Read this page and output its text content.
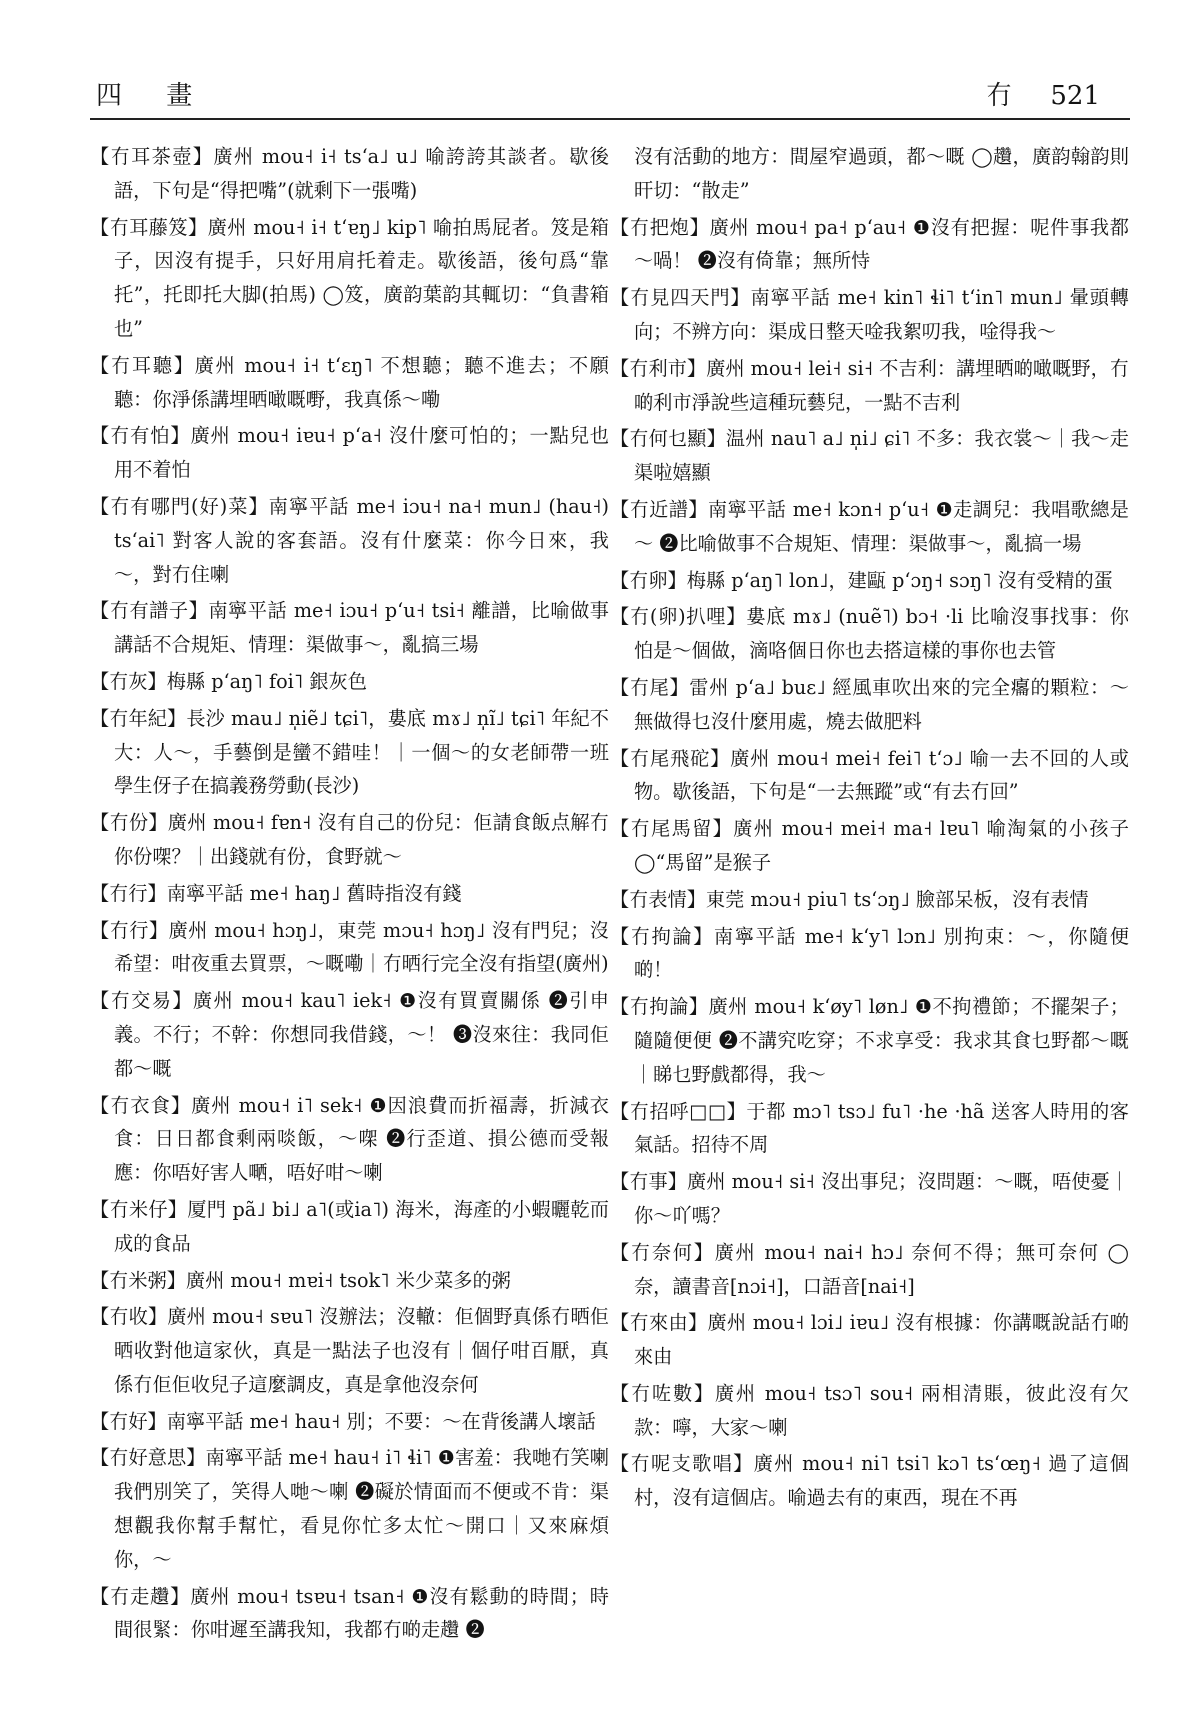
四 畫	冇 521

【冇耳茶壺】廣州 mou˧ i˧ tsʻa˩ u˩ 喻誇誇其談者。歇後語，下句是“得把嘴”(就剩下一張嘴)

【冇耳藤笈】廣州 mou˧ i˧ tʻɐŋ˩ kip˥ 喻拍馬屁者。笈是箱子，因沒有提手，只好用肩托着走。歇後語，後句爲“靠托”，托即托大脚(拍馬) ◯笈，廣韵葉韵其輒切：“負書箱也”

【冇耳聽】廣州 mou˧ i˧ tʻɛŋ˥ 不想聽；聽不進去；不願聽：你淨係講埋晒噉嘅嘢，我真係～嘞

【冇有怕】廣州 mou˧ iɐu˧ pʻa˧ 沒什麼可怕的；一點兒也用不着怕

【冇有哪門(好)菜】南寧平話 me˧ iɔu˧ na˧ mun˩ (hau˧) tsʻai˥ 對客人說的客套語。沒有什麼菜：你今日來，我～，對冇住喇

【冇有譜子】南寧平話 me˧ iɔu˧ pʻu˧ tsi˧ 離譜，比喻做事講話不合規矩、情理：渠做事～，亂搞三場

【冇灰】梅縣 pʻaŋ˥ foi˥ 銀灰色

【冇年紀】長沙 mau˩ n̩iẽ˩ tɕi˥，婁底 mɤ˩ n̩ĩ˩ tɕi˥ 年紀不大：人～，手藝倒是蠻不錯哇！｜一個～的女老師帶一班學生伢子在搞義務勞動(長沙)

【冇份】廣州 mou˧ fɐn˧ 沒有自己的份兒：佢請食飯点解冇你份㗎？｜出錢就有份，食野就～

【冇行】南寧平話 me˧ haŋ˩ 舊時指沒有錢

【冇行】廣州 mou˧ hɔŋ˩，東莞 mɔu˧ hɔŋ˩ 沒有門兒；沒希望：咁夜重去買票，～嘅嘞｜冇晒行完全沒有指望(廣州)

【冇交易】廣州 mou˧ kau˥ iek˧ ❶沒有買賣關係 ❷引申義。不行；不幹：你想同我借錢，～！ ❸沒來往：我同佢都～嘅

【冇衣食】廣州 mou˧ i˥ sek˧ ❶因浪費而折福壽，折減衣食：日日都食剩兩啖飯，～㗎 ❷行歪道、損公德而受報應：你唔好害人嗮，唔好咁～喇

【冇米仔】厦門 pã˩ bi˩ a˥(或ia˥) 海米，海產的小蝦曬乾而成的食品

【冇米粥】廣州 mou˧ mɐi˧ tsok˥ 米少菜多的粥

【冇收】廣州 mou˧ sɐu˥ 沒辦法；沒轍：佢個野真係冇晒佢晒收對他這家伙，真是一點法子也沒有｜個仔咁百厭，真係冇佢佢收兒子這麼調皮，真是拿他沒奈何

【冇好】南寧平話 me˧ hau˧ 別；不要：～在背後講人壞話

【冇好意思】南寧平話 me˧ hau˧ i˥ ɬi˥ ❶害羞：我哋冇笑喇我們別笑了，笑得人哋～喇 ❷礙於情面而不便或不肯：渠想觀我你幫手幫忙，看見你忙多太忙～開口｜又來麻煩你，～

【冇走趲】廣州 mou˧ tsɐu˧ tsan˧ ❶沒有鬆動的時間；時間很緊：你咁遲至講我知，我都冇啲走趲 ❷

沒有活動的地方：間屋窄過頭，都～嘅 ◯趲，廣韵翰韵則旰切：“散走”

【冇把炮】廣州 mou˧ pa˧ pʻau˧ ❶沒有把握：呢件事我都～喎！ ❷沒有倚靠；無所恃

【冇見四天門】南寧平話 me˧ kin˥ ɬi˥ tʻin˥ mun˩ 暈頭轉向；不辨方向：渠成日整天唫我絮叨我，唫得我～

【冇利市】廣州 mou˧ lei˧ si˧ 不吉利：講埋晒啲噉嘅野，冇啲利市淨說些這種玩藝兒，一點不吉利

【冇何乜顯】温州 nau˥ a˩ n̩i˩ ɕi˥ 不多：我衣裳～｜我～走渠啦嬉顯

【冇近譜】南寧平話 me˧ kɔn˧ pʻu˧ ❶走調兒：我唱歌總是～ ❷比喻做事不合規矩、情理：渠做事～，亂搞一場

【冇卵】梅縣 pʻaŋ˥ lon˩，建甌 pʻɔŋ˧ sɔŋ˥ 沒有受精的蛋

【冇(卵)扒哩】婁底 mɤ˩ (nuẽ˥) bɔ˧ ·li 比喻沒事找事：你怕是～個做，滴咯個日你也去搭這樣的事你也去管

【冇尾】雷州 pʻa˩ buɛ˩ 經風車吹出來的完全癟的顆粒：～無做得乜沒什麼用處，燒去做肥料

【冇尾飛砣】廣州 mou˧ mei˧ fei˥ tʻɔ˩ 喻一去不回的人或物。歇後語，下句是“一去無蹤”或“有去冇回”

【冇尾馬留】廣州 mou˧ mei˧ ma˧ lɐu˥ 喻淘氣的小孩子 ◯“馬留”是猴子

【冇表情】東莞 mɔu˧ piu˥ tsʻɔŋ˩ 臉部呆板，沒有表情

【冇拘論】南寧平話 me˧ kʻy˥ lɔn˩ 別拘束：～，你隨便啲！

【冇拘論】廣州 mou˧ kʻøy˥ løn˩ ❶不拘禮節；不擺架子；隨隨便便 ❷不講究吃穿；不求享受：我求其食乜野都～嘅｜睇乜野戲都得，我～

【冇招呼□□】于都 mɔ˥ tsɔ˩ fu˥ ·he ·hã 送客人時用的客氣話。招待不周

【冇事】廣州 mou˧ si˧ 沒出事兒；沒問題：～嘅，唔使憂｜你～吖嗎？

【冇奈何】廣州 mou˧ nai˧ hɔ˩ 奈何不得；無可奈何 ◯奈，讀書音[nɔi˧]，口語音[nai˧]

【冇來由】廣州 mou˧ lɔi˩ iɐu˩ 沒有根據：你講嘅說話冇啲來由

【冇咗數】廣州 mou˧ tsɔ˥ sou˧ 兩相清賬，彼此沒有欠款：嚀，大家～喇

【冇呢支歌唱】廣州 mou˧ ni˥ tsi˥ kɔ˥ tsʻœŋ˧ 過了這個村，沒有這個店。喻過去有的東西，現在不再
